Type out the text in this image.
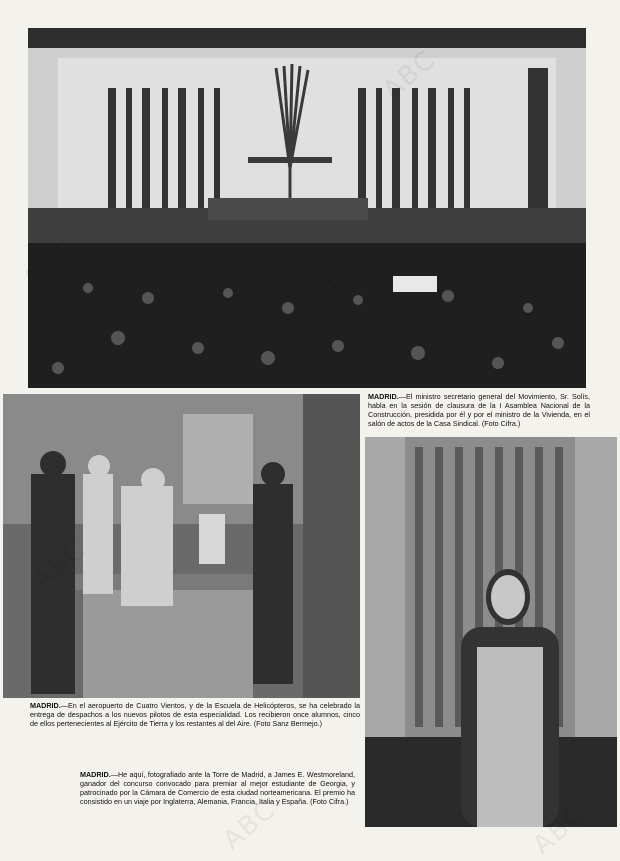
MADRID.—El ministro secretario general del Movimiento, Sr. Solís, habla en la sesión de clausura de la I Asamblea Nacional de la Construcción, presidida por él y por el ministro de la Vivienda, en el salón de actos de la Casa Sindical. (Foto Cifra.)
MADRID.—En el aeropuerto de Cuatro Vientos, y de la Escuela de Helicópteros, se ha celebrado la entrega de despachos a los nuevos pilotos de esta especialidad. Los recibieron once alumnos, cinco de ellos pertenecientes al Ejército de Tierra y los restantes al del Aire. (Foto Sanz Bermejo.)
MADRID.—He aquí, fotografiado ante la Torre de Madrid, a James E. Westmoreland, ganador del concurso convocado para premiar al mejor estudiante de Georgia, y patrocinado por la Cámara de Comercio de esta ciudad norteamericana. El premio ha consistido en un viaje por Inglaterra, Alemania, Francia, Italia y España. (Foto Cifra.)
ABC	ABC
